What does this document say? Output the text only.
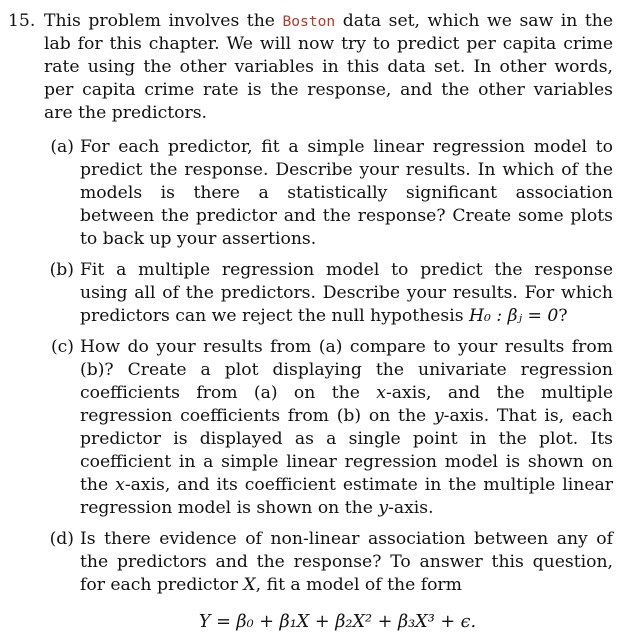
15. This problem involves the Boston data set, which we saw in the lab for this chapter. We will now try to predict per capita crime rate using the other variables in this data set. In other words, per capita crime rate is the response, and the other variables are the predictors.

(a) For each predictor, fit a simple linear regression model to predict the response. Describe your results. In which of the models is there a statistically significant association between the predictor and the response? Create some plots to back up your assertions.
(b) Fit a multiple regression model to predict the response using all of the predictors. Describe your results. For which predictors can we reject the null hypothesis H₀ : βⱼ = 0?
(c) How do your results from (a) compare to your results from (b)? Create a plot displaying the univariate regression coefficients from (a) on the x-axis, and the multiple regression coefficients from (b) on the y-axis. That is, each predictor is displayed as a single point in the plot. Its coefficient in a simple linear regression model is shown on the x-axis, and its coefficient estimate in the multiple linear regression model is shown on the y-axis.
(d) Is there evidence of non-linear association between any of the predictors and the response? To answer this question, for each predictor X, fit a model of the form
Y = β₀ + β₁X + β₂X² + β₃X³ + ϵ.
